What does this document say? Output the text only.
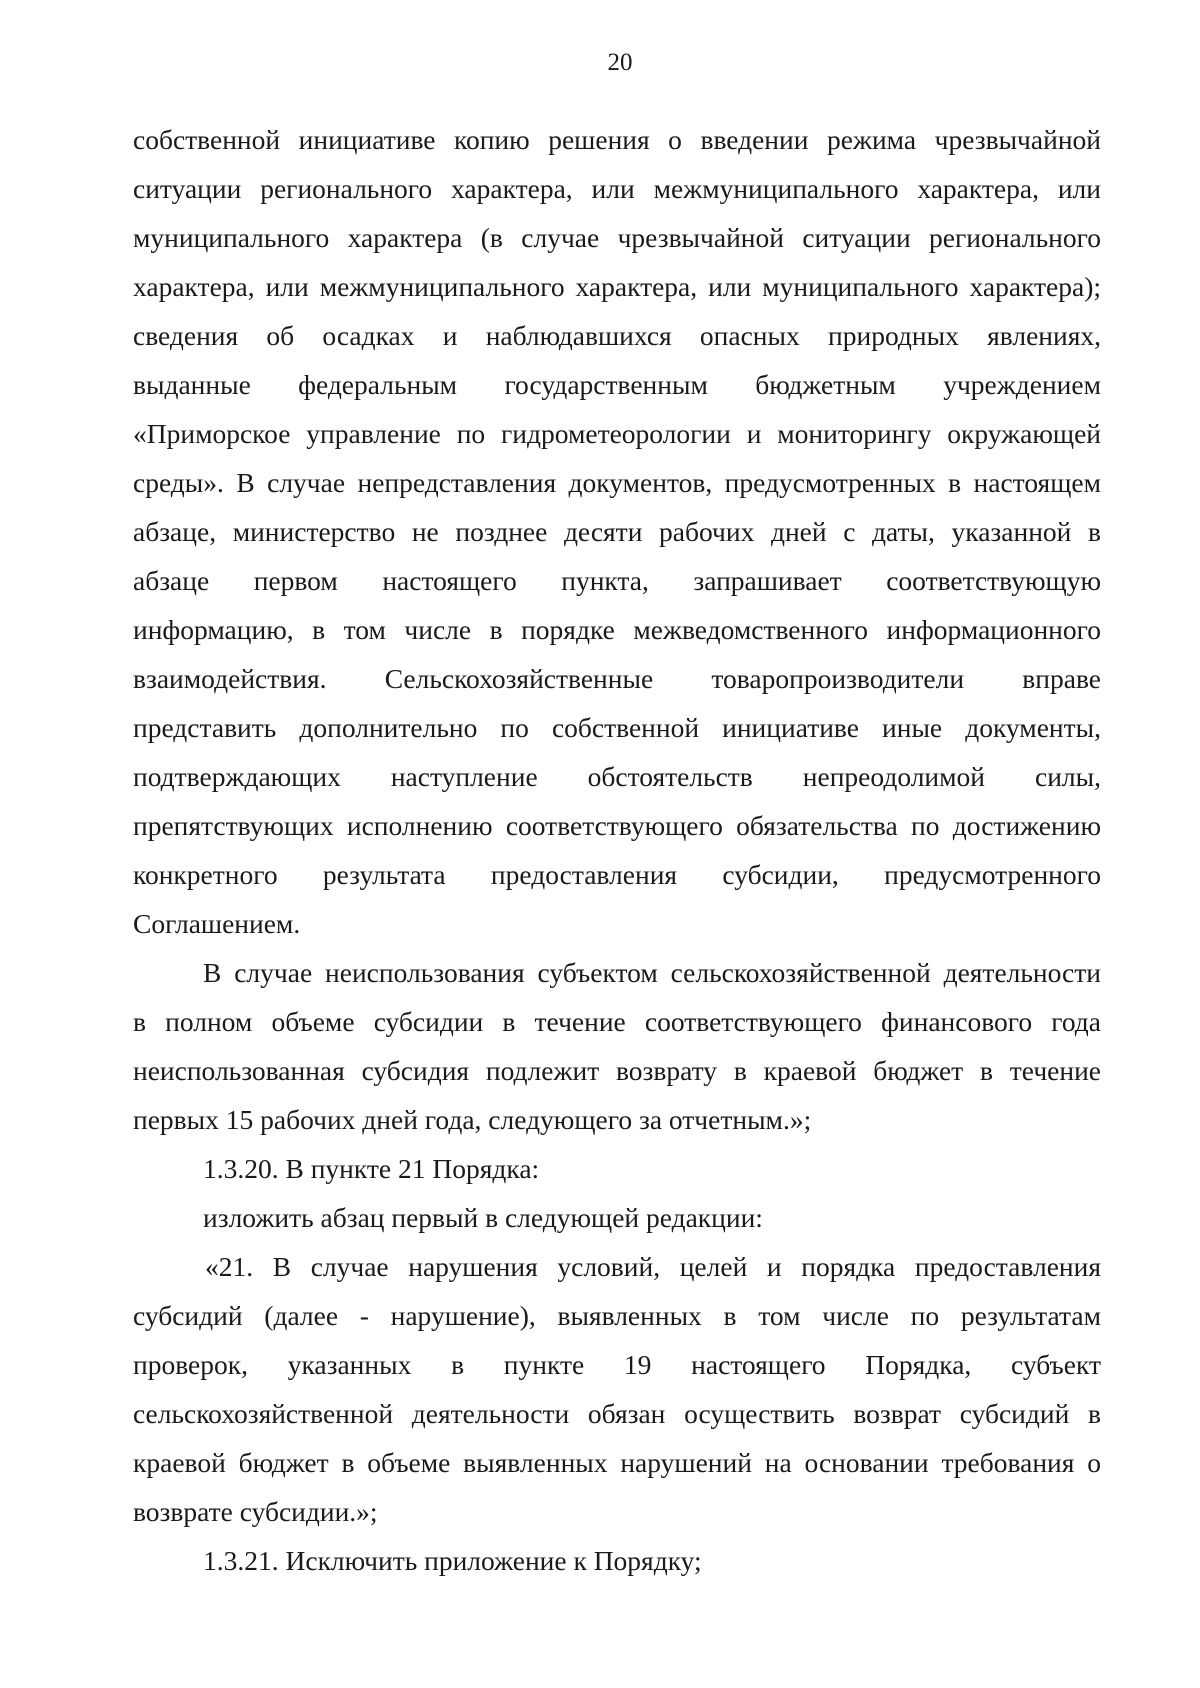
20
собственной инициативе копию решения о введении режима чрезвычайной
ситуации регионального характера, или межмуниципального характера, или
муниципального характера (в случае чрезвычайной ситуации регионального
характера, или межмуниципального характера, или муниципального характера);
сведения об осадках и наблюдавшихся опасных природных явлениях,
выданные федеральным государственным бюджетным учреждением
«Приморское управление по гидрометеорологии и мониторингу окружающей
среды». В случае непредставления документов, предусмотренных в настоящем
абзаце, министерство не позднее десяти рабочих дней с даты, указанной в
абзаце первом настоящего пункта, запрашивает соответствующую
информацию, в том числе в порядке межведомственного информационного
взаимодействия. Сельскохозяйственные товаропроизводители вправе
представить дополнительно по собственной инициативе иные документы,
подтверждающих наступление обстоятельств непреодолимой силы,
препятствующих исполнению соответствующего обязательства по достижению
конкретного результата предоставления субсидии, предусмотренного
Соглашением.
В случае неиспользования субъектом сельскохозяйственной деятельности
в полном объеме субсидии в течение соответствующего финансового года
неиспользованная субсидия подлежит возврату в краевой бюджет в течение
первых 15 рабочих дней года, следующего за отчетным.»;
1.3.20. В пункте 21 Порядка:
изложить абзац первый в следующей редакции:
«21. В случае нарушения условий, целей и порядка предоставления
субсидий (далее - нарушение), выявленных в том числе по результатам
проверок, указанных в пункте 19 настоящего Порядка, субъект
сельскохозяйственной деятельности обязан осуществить возврат субсидий в
краевой бюджет в объеме выявленных нарушений на основании требования о
возврате субсидии.»;
1.3.21. Исключить приложение к Порядку;
